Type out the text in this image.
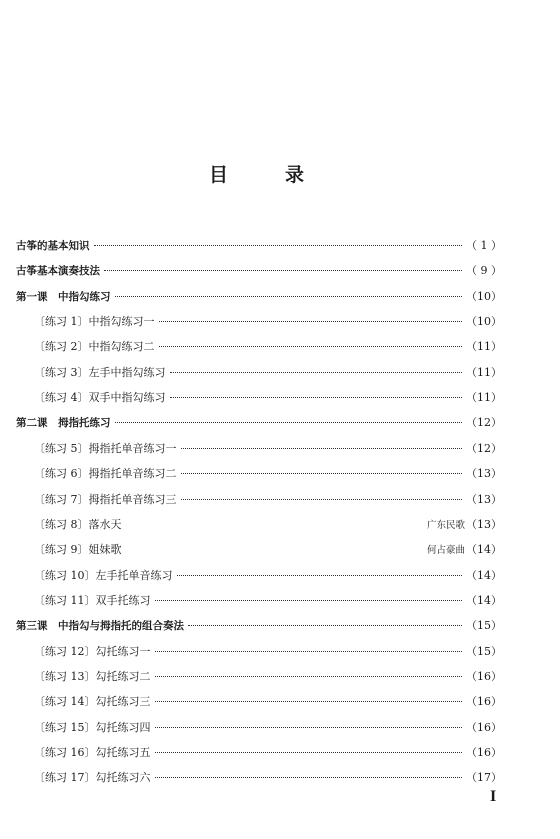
目	录
古筝的基本知识	（ 1 ）
古筝基本演奏技法	（ 9 ）
第一课　中指勾练习	（10）
〔练习 1〕中指勾练习一	（10）
〔练习 2〕中指勾练习二	（11）
〔练习 3〕左手中指勾练习	（11）
〔练习 4〕双手中指勾练习	（11）
第二课　拇指托练习	（12）
〔练习 5〕拇指托单音练习一	（12）
〔练习 6〕拇指托单音练习二	（13）
〔练习 7〕拇指托单音练习三	（13）
〔练习 8〕落水天	广东民歌 （13）
〔练习 9〕姐妹歌	何占豪曲 （14）
〔练习 10〕左手托单音练习	（14）
〔练习 11〕双手托练习	（14）
第三课　中指勾与拇指托的组合奏法	（15）
〔练习 12〕勾托练习一	（15）
〔练习 13〕勾托练习二	（16）
〔练习 14〕勾托练习三	（16）
〔练习 15〕勾托练习四	（16）
〔练习 16〕勾托练习五	（16）
〔练习 17〕勾托练习六	（17）
I
